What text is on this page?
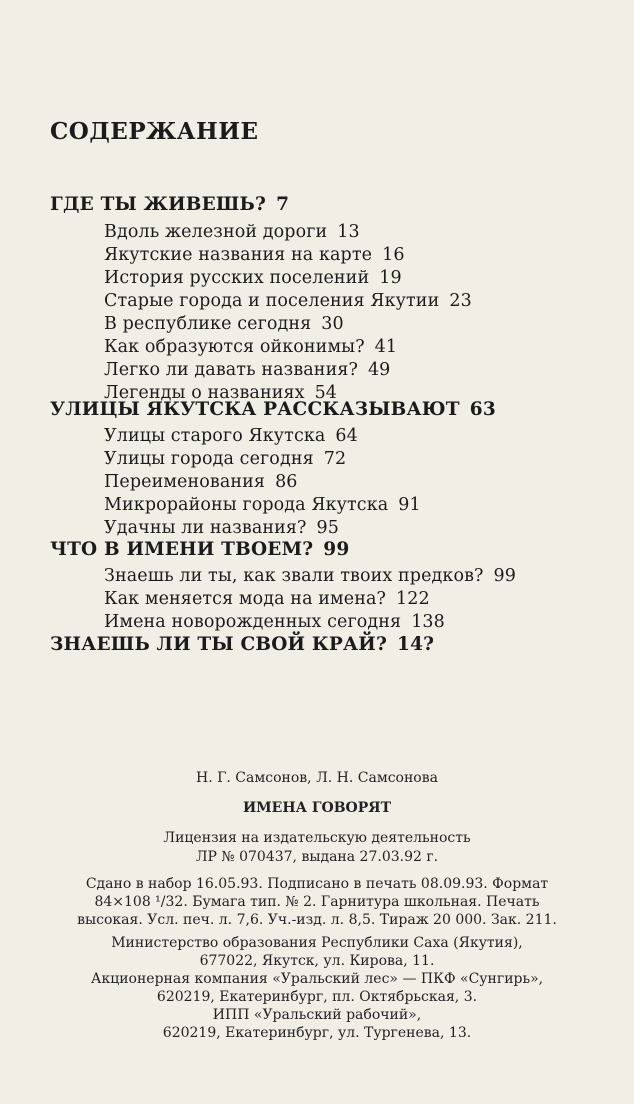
СОДЕРЖАНИЕ
ГДЕ ТЫ ЖИВЕШЬ? 7
Вдоль железной дороги 13
Якутские названия на карте 16
История русских поселений 19
Старые города и поселения Якутии 23
В республике сегодня 30
Как образуются ойконимы? 41
Легко ли давать названия? 49
Легенды о названиях 54
УЛИЦЫ ЯКУТСКА РАССКАЗЫВАЮТ 63
Улицы старого Якутска 64
Улицы города сегодня 72
Переименования 86
Микрорайоны города Якутска 91
Удачны ли названия? 95
ЧТО В ИМЕНИ ТВОЕМ? 99
Знаешь ли ты, как звали твоих предков? 99
Как меняется мода на имена? 122
Имена новорожденных сегодня 138
ЗНАЕШЬ ЛИ ТЫ СВОЙ КРАЙ? 14?
Н. Г. Самсонов, Л. Н. Самсонова
ИМЕНА ГОВОРЯТ
Лицензия на издательскую деятельность
ЛР № 070437, выдана 27.03.92 г.
Сдано в набор 16.05.93. Подписано в печать 08.09.93. Формат
84×108 ¹/32. Бумага тип. № 2. Гарнитура школьная. Печать
высокая. Усл. печ. л. 7,6. Уч.-изд. л. 8,5. Тираж 20 000. Зак. 211.
Министерство образования Республики Саха (Якутия),
677022, Якутск, ул. Кирова, 11.
Акционерная компания «Уральский лес» — ПКФ «Сунгирь»,
620219, Екатеринбург, пл. Октябрьская, 3.
ИПП «Уральский рабочий»,
620219, Екатеринбург, ул. Тургенева, 13.
